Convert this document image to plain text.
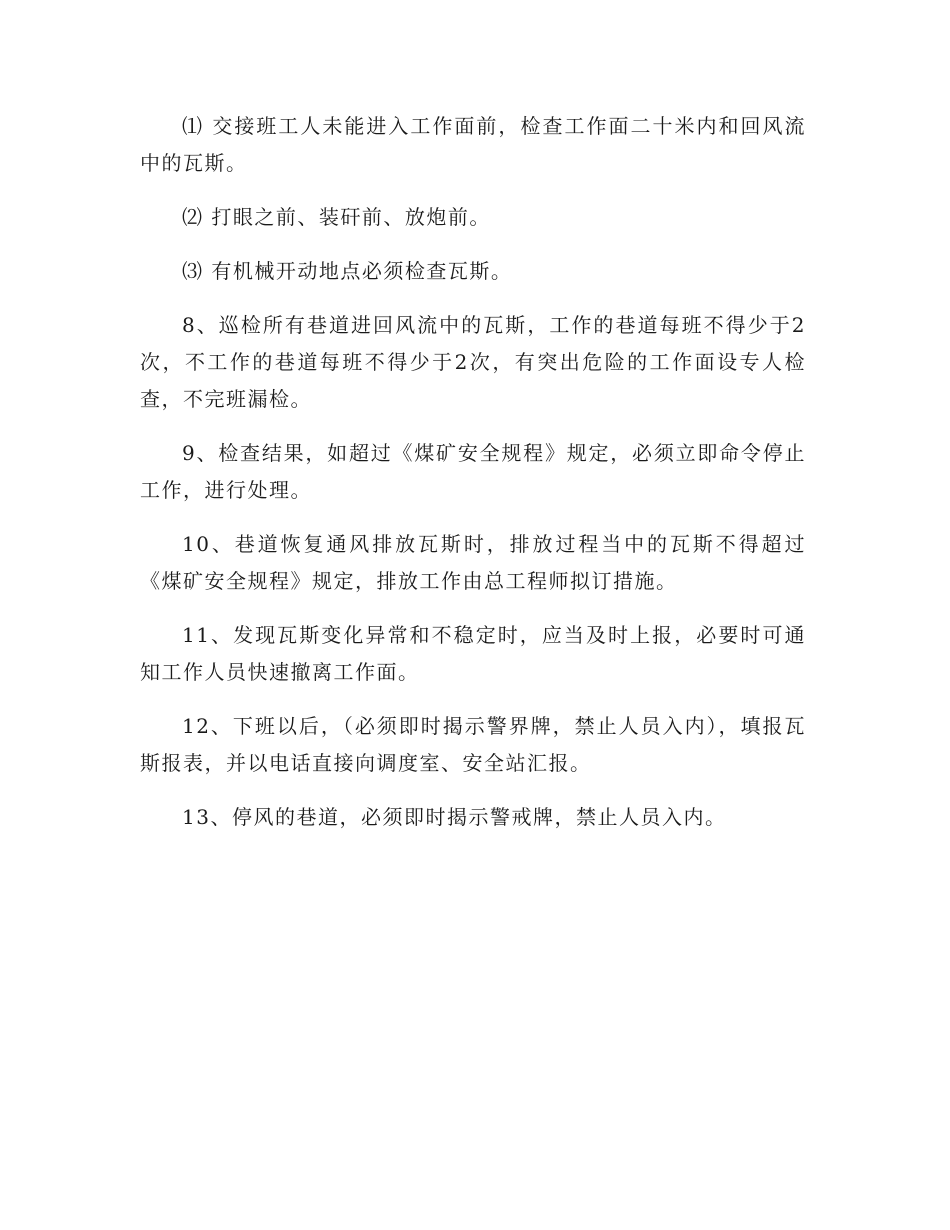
⑴ 交接班工人未能进入工作面前，检查工作面二十米内和回风流中的瓦斯。

⑵ 打眼之前、装矸前、放炮前。

⑶ 有机械开动地点必须检查瓦斯。

8、巡检所有巷道进回风流中的瓦斯，工作的巷道每班不得少于2次，不工作的巷道每班不得少于2次，有突出危险的工作面设专人检查，不完班漏检。

9、检查结果，如超过《煤矿安全规程》规定，必须立即命令停止工作，进行处理。

10、巷道恢复通风排放瓦斯时，排放过程当中的瓦斯不得超过《煤矿安全规程》规定，排放工作由总工程师拟订措施。

11、发现瓦斯变化异常和不稳定时，应当及时上报，必要时可通知工作人员快速撤离工作面。

12、下班以后，（必须即时揭示警界牌，禁止人员入内），填报瓦斯报表，并以电话直接向调度室、安全站汇报。

13、停风的巷道，必须即时揭示警戒牌，禁止人员入内。
